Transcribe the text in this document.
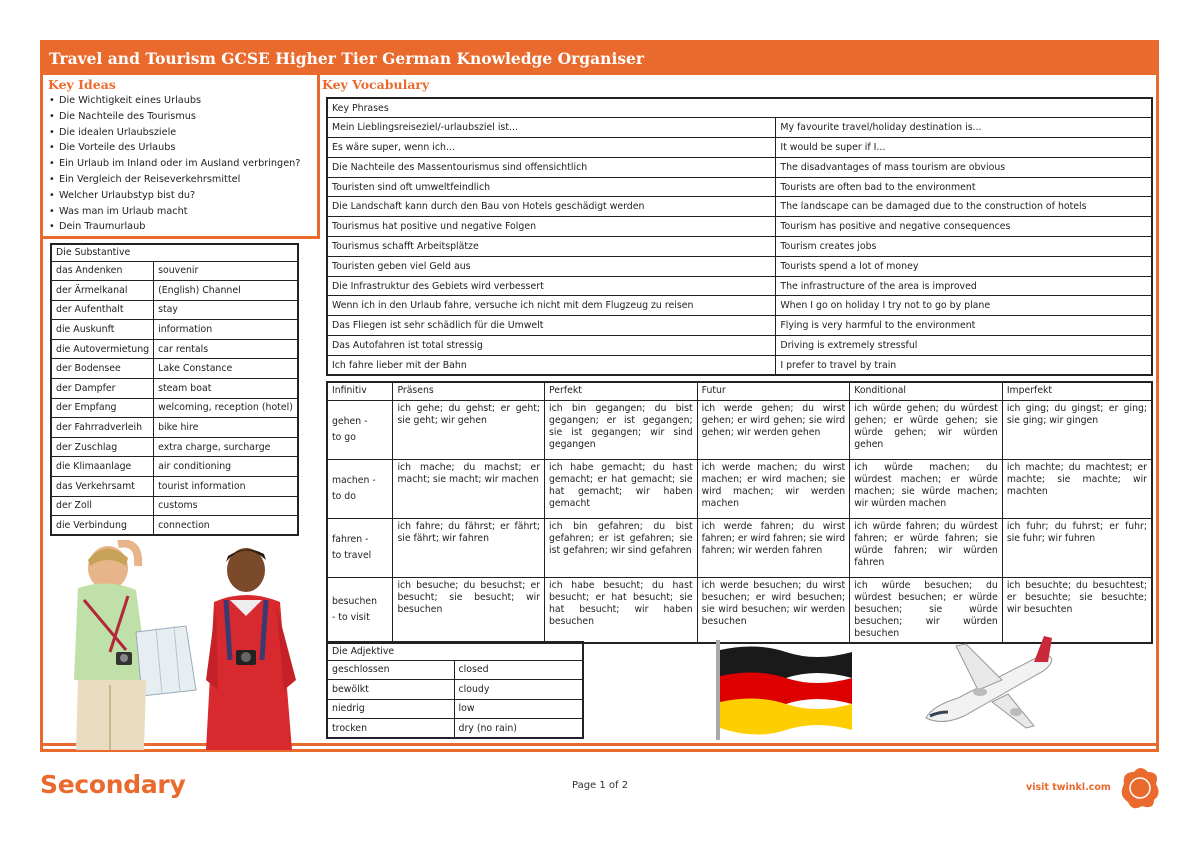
Travel and Tourism GCSE Higher Tier German Knowledge Organiser
Key Ideas
• Die Wichtigkeit eines Urlaubs
• Die Nachteile des Tourismus
• Die idealen Urlaubsziele
• Die Vorteile des Urlaubs
• Ein Urlaub im Inland oder im Ausland verbringen?
• Ein Vergleich der Reiseverkehrsmittel
• Welcher Urlaubstyp bist du?
• Was man im Urlaub macht
• Dein Traumurlaub
Key Vocabulary
Die Substantive	
das Andenken	souvenir
der Ärmelkanal	(English) Channel
der Aufenthalt	stay
die Auskunft	information
die Autovermietung	car rentals
der Bodensee	Lake Constance
der Dampfer	steam boat
der Empfang	welcoming, reception (hotel)
der Fahrradverleih	bike hire
der Zuschlag	extra charge, surcharge
die Klimaanlage	air conditioning
das Verkehrsamt	tourist information
der Zoll	customs
die Verbindung	connection
Key Phrases	
Mein Lieblingsreiseziel/-urlaubsziel ist...	My favourite travel/holiday destination is...
Es wäre super, wenn ich...	It would be super if I...
Die Nachteile des Massentourismus sind offensichtlich	The disadvantages of mass tourism are obvious
Touristen sind oft umweltfeindlich	Tourists are often bad to the environment
Die Landschaft kann durch den Bau von Hotels geschädigt werden	The landscape can be damaged due to the construction of hotels
Tourismus hat positive und negative Folgen	Tourism has positive and negative consequences
Tourismus schafft Arbeitsplätze	Tourism creates jobs
Touristen geben viel Geld aus	Tourists spend a lot of money
Die Infrastruktur des Gebiets wird verbessert	The infrastructure of the area is improved
Wenn ich in den Urlaub fahre, versuche ich nicht mit dem Flugzeug zu reisen	When I go on holiday I try not to go by plane
Das Fliegen ist sehr schädlich für die Umwelt	Flying is very harmful to the environment
Das Autofahren ist total stressig	Driving is extremely stressful
Ich fahre lieber mit der Bahn	I prefer to travel by train
Infinitiv	Präsens	Perfekt	Futur	Konditional	Imperfekt

gehen -
to go	ich gehe; du gehst; er geht; sie geht; wir gehen	ich bin gegangen; du bist gegangen; er ist gegangen; sie ist gegangen; wir sind gegangen	ich werde gehen; du wirst gehen; er wird gehen; sie wird gehen; wir werden gehen	ich würde gehen; du würdest gehen; er würde gehen; sie würde gehen; wir würden gehen	ich ging; du gingst; er ging; sie ging; wir gingen

machen -
to do	ich mache; du machst; er macht; sie macht; wir machen	ich habe gemacht; du hast gemacht; er hat gemacht; sie hat gemacht; wir haben gemacht	ich werde machen; du wirst machen; er wird machen; sie wird machen; wir werden machen	ich würde machen; du würdest machen; er würde machen; sie würde machen; wir würden machen	ich machte; du machtest; er machte; sie machte; wir machten

fahren -
to travel	ich fahre; du fährst; er fährt; sie fährt; wir fahren	ich bin gefahren; du bist gefahren; er ist gefahren; sie ist gefahren; wir sind gefahren	ich werde fahren; du wirst fahren; er wird fahren; sie wird fahren; wir werden fahren	ich würde fahren; du würdest fahren; er würde fahren; sie würde fahren; wir würden fahren	ich fuhr; du fuhrst; er fuhr; sie fuhr; wir fuhren

besuchen
- to visit	ich besuche; du besuchst; er besucht; sie besucht; wir besuchen	ich habe besucht; du hast besucht; er hat besucht; sie hat besucht; wir haben besuchen	ich werde besuchen; du wirst besuchen; er wird besuchen; sie wird besuchen; wir werden besuchen	ich würde besuchen; du würdest besuchen; er würde besuchen; sie würde besuchen; wir würden besuchen	ich besuchte; du besuchtest; er besuchte; sie besuchte; wir besuchten
Die Adjektive	
geschlossen	closed
bewölkt	cloudy
niedrig	low
trocken	dry (no rain)
Secondary	Page 1 of 2	visit twinkl.com
